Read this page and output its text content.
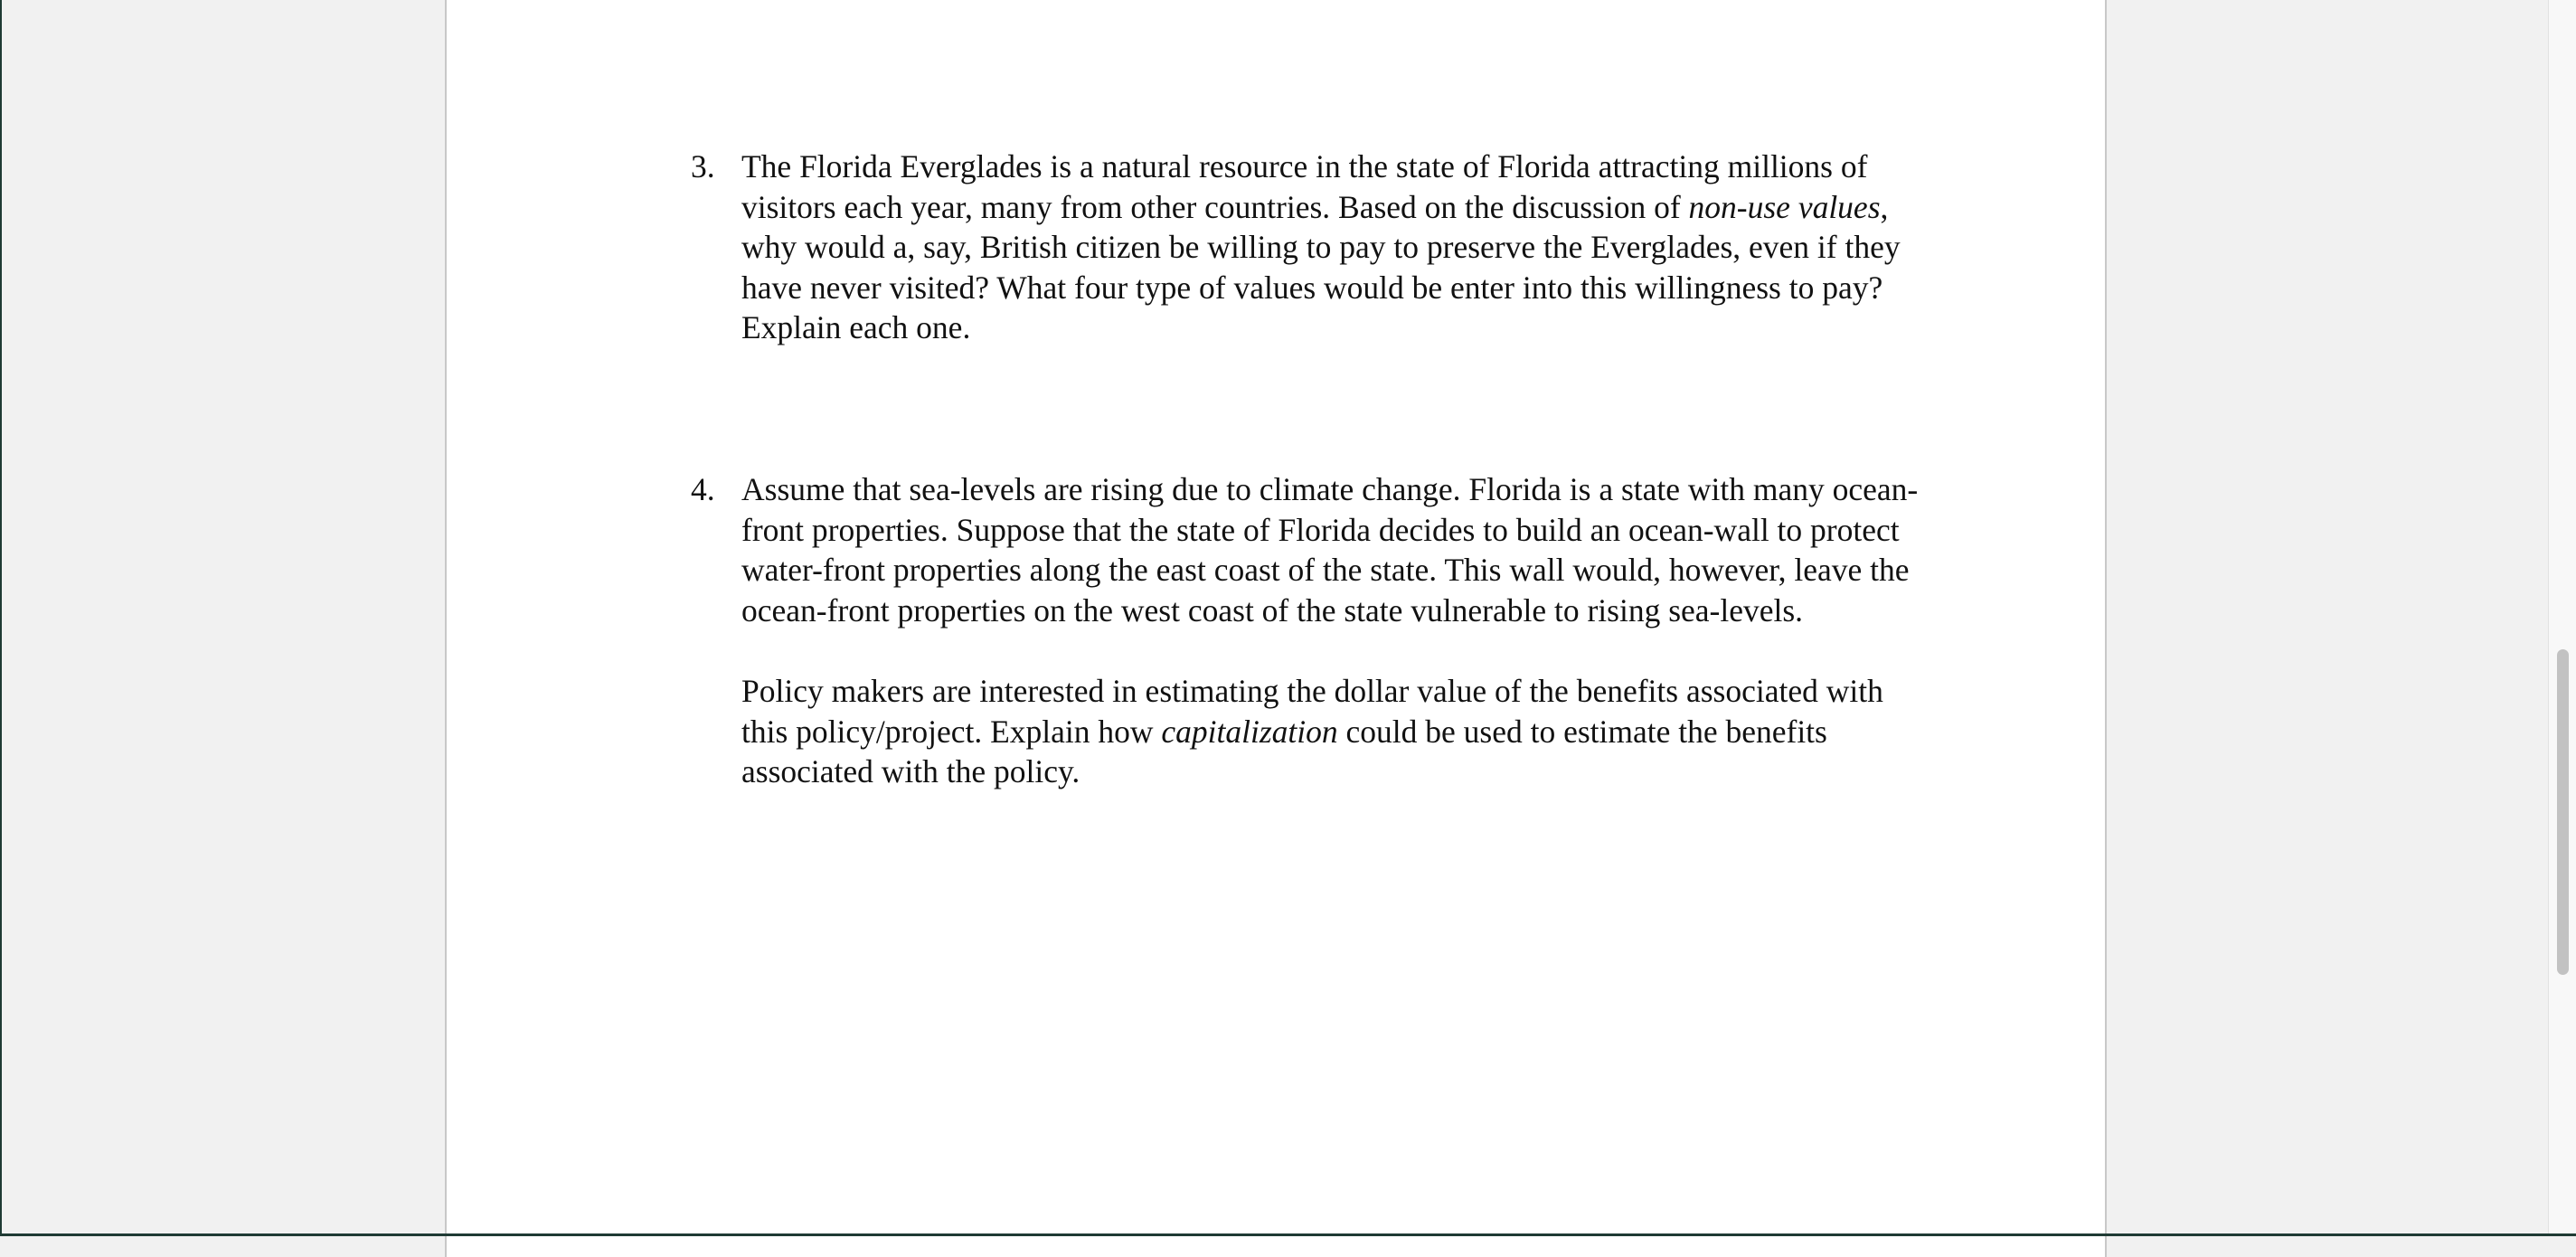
3. The Florida Everglades is a natural resource in the state of Florida attracting millions of visitors each year, many from other countries. Based on the discussion of non-use values, why would a, say, British citizen be willing to pay to preserve the Everglades, even if they have never visited? What four type of values would be enter into this willingness to pay? Explain each one.

4. Assume that sea-levels are rising due to climate change. Florida is a state with many ocean-front properties. Suppose that the state of Florida decides to build an ocean-wall to protect water-front properties along the east coast of the state. This wall would, however, leave the ocean-front properties on the west coast of the state vulnerable to rising sea-levels.

Policy makers are interested in estimating the dollar value of the benefits associated with this policy/project. Explain how capitalization could be used to estimate the benefits associated with the policy.
